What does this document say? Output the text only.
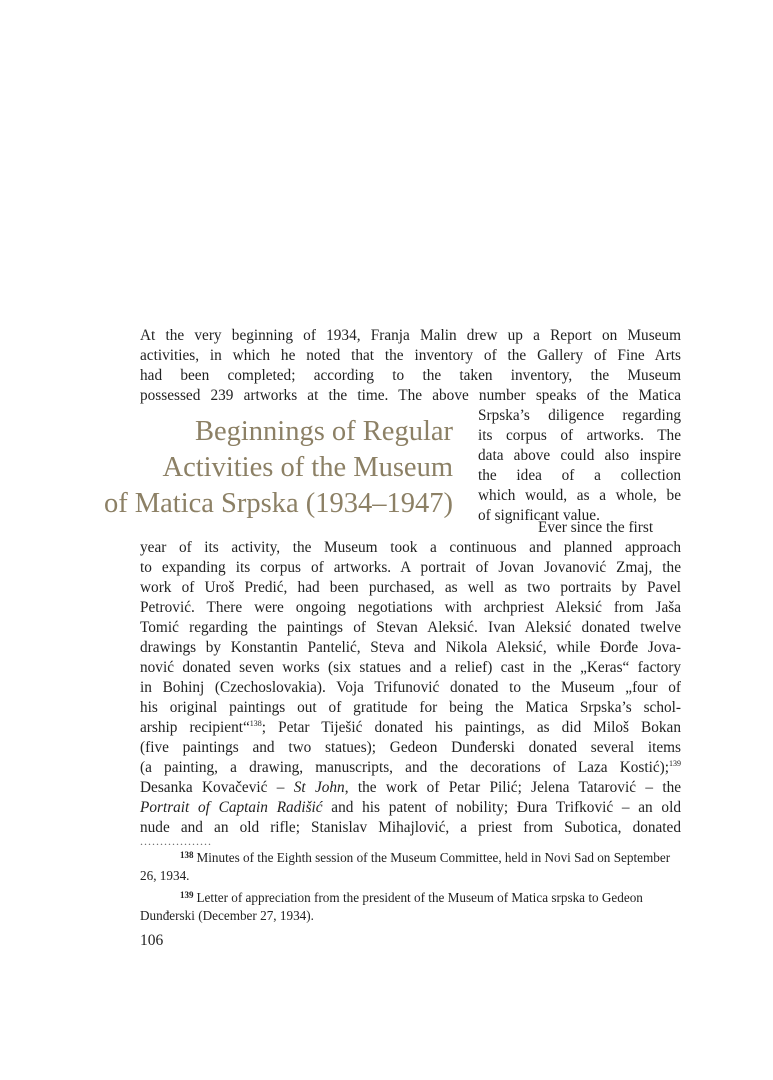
At the very beginning of 1934, Franja Malin drew up a Report on Museum
activities, in which he noted that the inventory of the Gallery of Fine Arts
had been completed; according to the taken inventory, the Museum
possessed 239 artworks at the time. The above number speaks of the Matica
Beginnings of Regular
Activities of the Museum
of Matica Srpska (1934–1947)
Srpska’s diligence regarding
its corpus of artworks. The
data above could also inspire
the idea of a collection
which would, as a whole, be
of significant value.
Ever since the first
year of its activity, the Museum took a continuous and planned approach
to expanding its corpus of artworks. A portrait of Jovan Jovanović Zmaj, the
work of Uroš Predić, had been purchased, as well as two portraits by Pavel
Petrović. There were ongoing negotiations with archpriest Aleksić from Jaša
Tomić regarding the paintings of Stevan Aleksić. Ivan Aleksić donated twelve
drawings by Konstantin Pantelić, Steva and Nikola Aleksić, while Đorđe Jova-
nović donated seven works (six statues and a relief) cast in the „Keras“ factory
in Bohinj (Czechoslovakia). Voja Trifunović donated to the Museum „four of
his original paintings out of gratitude for being the Matica Srpska’s schol-
arship recipient“$^{138}$; Petar Tiješić donated his paintings, as did Miloš Bokan
(five paintings and two statues); Gedeon Dunđerski donated several items
(a painting, a drawing, manuscripts, and the decorations of Laza Kostić);$^{139}$
Desanka Kovačević – St John, the work of Petar Pilić; Jelena Tatarović – the
Portrait of Captain Radišić and his patent of nobility; Đura Trifković – an old
nude and an old rifle; Stanislav Mihajlović, a priest from Subotica, donated
..................
$^{138}$ Minutes of the Eighth session of the Museum Committee, held in Novi Sad on September 26, 1934.
$^{139}$ Letter of appreciation from the president of the Museum of Matica srpska to Gedeon Dunđerski (December 27, 1934).
106
